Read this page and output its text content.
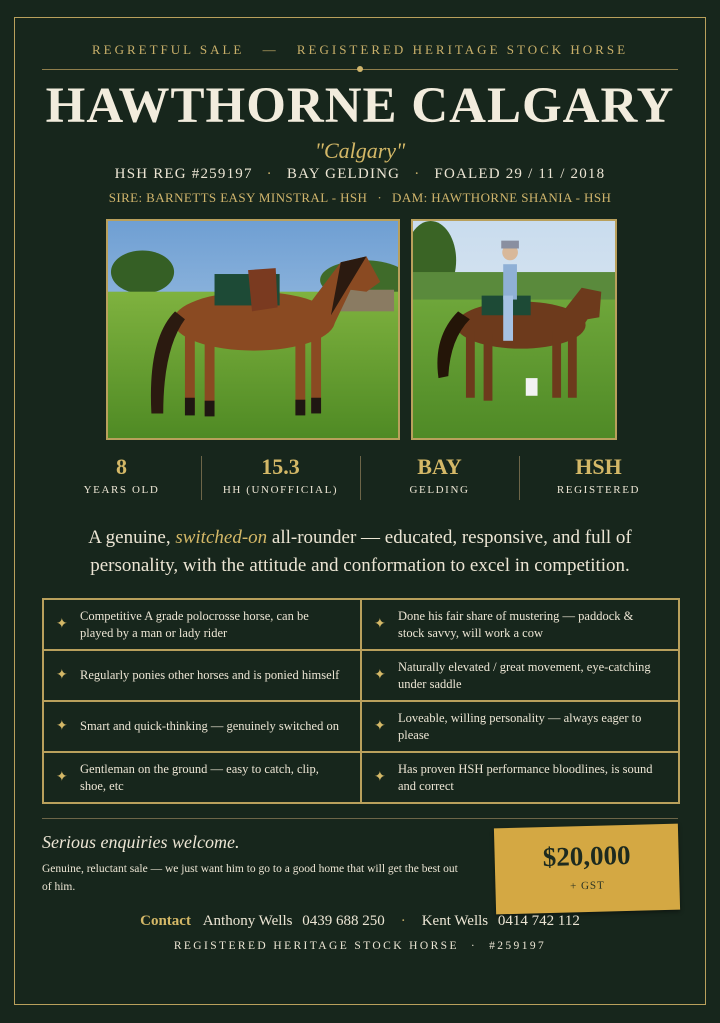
REGRETFUL SALE — REGISTERED HERITAGE STOCK HORSE
HAWTHORNE CALGARY
"Calgary"
HSH REG #259197 · BAY GELDING · FOALED 29 / 11 / 2018
SIRE: BARNETTS EASY MINSTRAL - HSH · DAM: HAWTHORNE SHANIA - HSH
8
YEARS OLD
15.3
HH (UNOFFICIAL)
BAY
GELDING
HSH
REGISTERED
A genuine, switched-on all-rounder — educated, responsive, and full of personality, with the attitude and conformation to excel in competition.
✦
Competitive A grade polocrosse horse, can be played by a man or lady rider
✦
Done his fair share of mustering — paddock & stock savvy, will work a cow
✦ Regularly ponies other horses and is ponied himself ✦
Naturally elevated / great movement, eye-catching under saddle
✦ Smart and quick-thinking — genuinely switched on	✦
Loveable, willing personality — always eager to please
✦
Gentleman on the ground — easy to catch, clip, shoe, etc
✦
Has proven HSH performance bloodlines, is sound and correct
Serious enquiries welcome.
Genuine, reluctant sale — we just want him to go to a good home that will get the best out of him.
$20,000
+ GST
Contact Anthony Wells 0439 688 250 · Kent Wells 0414 742 112
REGISTERED HERITAGE STOCK HORSE · #259197
